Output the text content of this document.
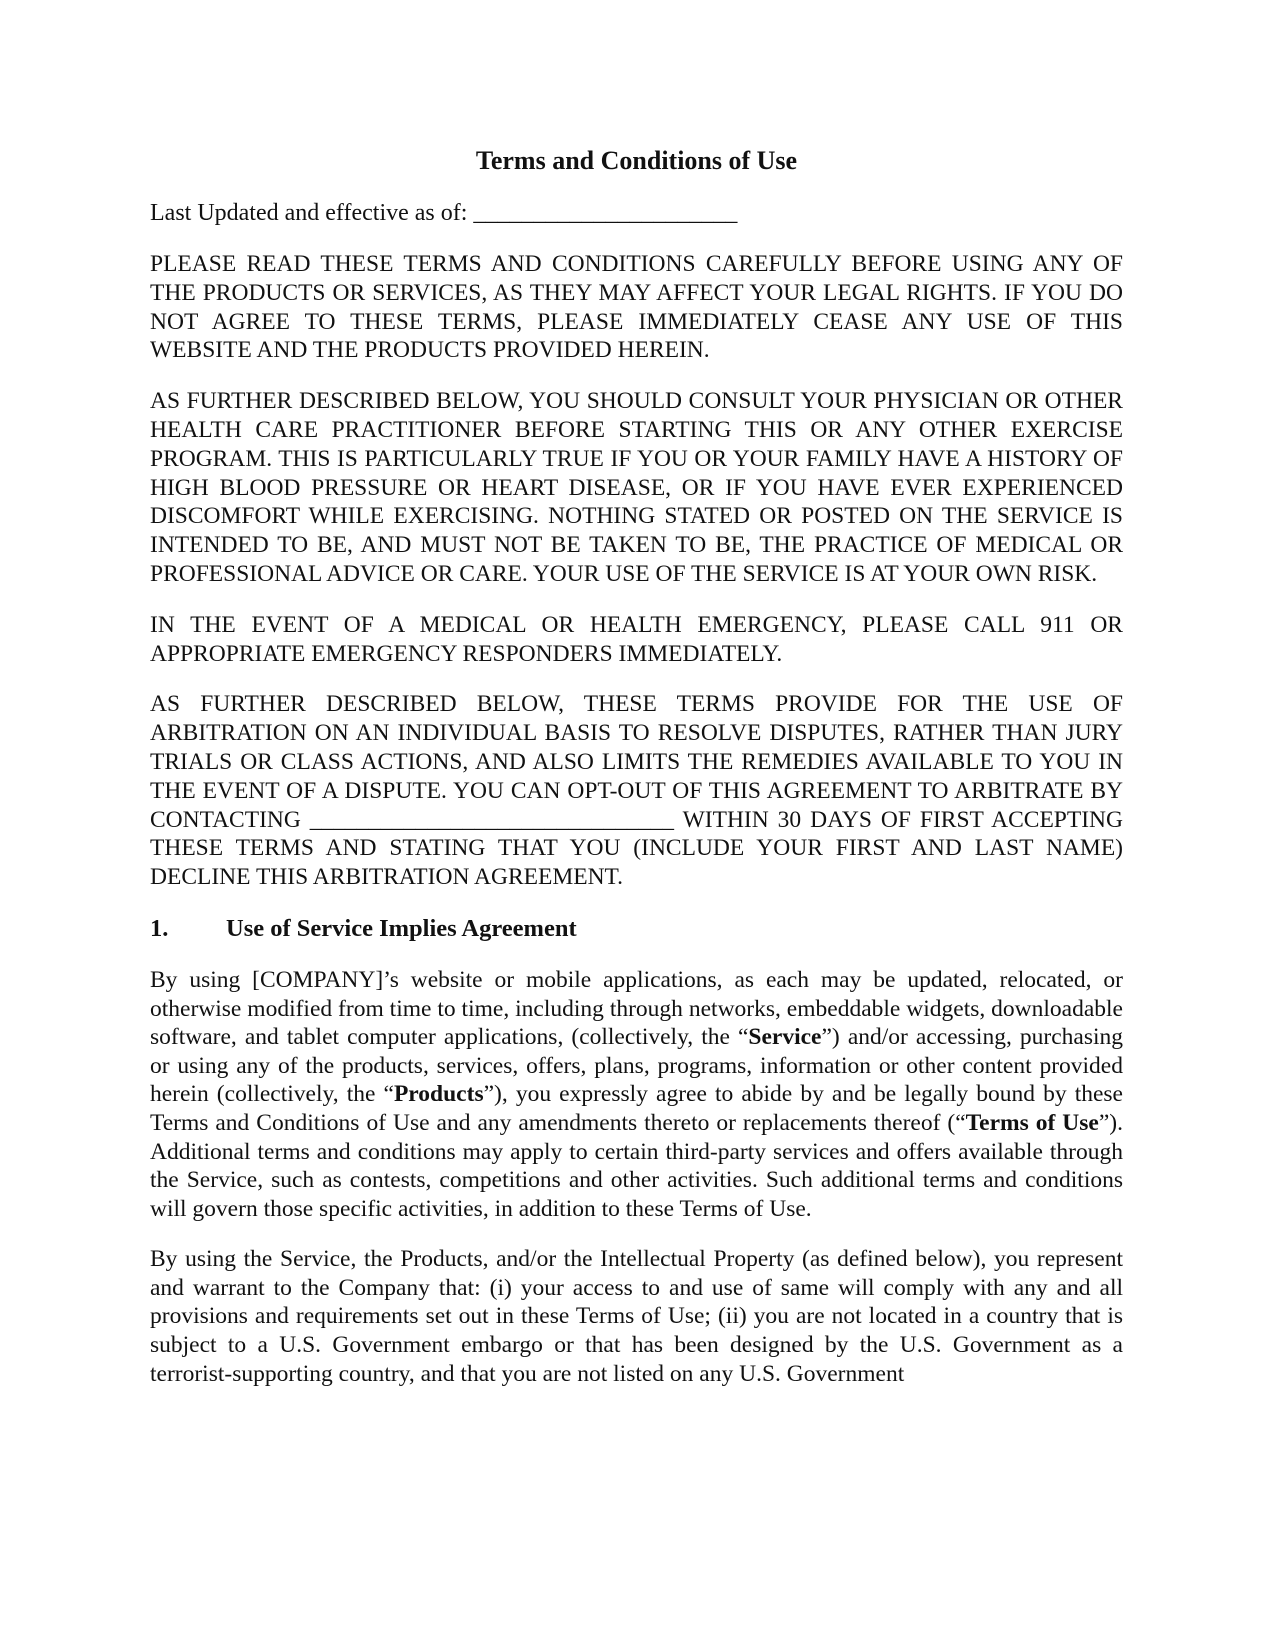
Terms and Conditions of Use

Last Updated and effective as of: ______________________

PLEASE READ THESE TERMS AND CONDITIONS CAREFULLY BEFORE USING ANY OF THE PRODUCTS OR SERVICES, AS THEY MAY AFFECT YOUR LEGAL RIGHTS. IF YOU DO NOT AGREE TO THESE TERMS, PLEASE IMMEDIATELY CEASE ANY USE OF THIS WEBSITE AND THE PRODUCTS PROVIDED HEREIN.

AS FURTHER DESCRIBED BELOW, YOU SHOULD CONSULT YOUR PHYSICIAN OR OTHER HEALTH CARE PRACTITIONER BEFORE STARTING THIS OR ANY OTHER EXERCISE PROGRAM. THIS IS PARTICULARLY TRUE IF YOU OR YOUR FAMILY HAVE A HISTORY OF HIGH BLOOD PRESSURE OR HEART DISEASE, OR IF YOU HAVE EVER EXPERIENCED DISCOMFORT WHILE EXERCISING. NOTHING STATED OR POSTED ON THE SERVICE IS INTENDED TO BE, AND MUST NOT BE TAKEN TO BE, THE PRACTICE OF MEDICAL OR PROFESSIONAL ADVICE OR CARE. YOUR USE OF THE SERVICE IS AT YOUR OWN RISK.

IN THE EVENT OF A MEDICAL OR HEALTH EMERGENCY, PLEASE CALL 911 OR APPROPRIATE EMERGENCY RESPONDERS IMMEDIATELY.

AS FURTHER DESCRIBED BELOW, THESE TERMS PROVIDE FOR THE USE OF ARBITRATION ON AN INDIVIDUAL BASIS TO RESOLVE DISPUTES, RATHER THAN JURY TRIALS OR CLASS ACTIONS, AND ALSO LIMITS THE REMEDIES AVAILABLE TO YOU IN THE EVENT OF A DISPUTE. YOU CAN OPT-OUT OF THIS AGREEMENT TO ARBITRATE BY CONTACTING _______________________________ WITHIN 30 DAYS OF FIRST ACCEPTING THESE TERMS AND STATING THAT YOU (INCLUDE YOUR FIRST AND LAST NAME) DECLINE THIS ARBITRATION AGREEMENT.

1.	Use of Service Implies Agreement

By using [COMPANY]’s website or mobile applications, as each may be updated, relocated, or otherwise modified from time to time, including through networks, embeddable widgets, downloadable software, and tablet computer applications, (collectively, the “Service”) and/or accessing, purchasing or using any of the products, services, offers, plans, programs, information or other content provided herein (collectively, the “Products”), you expressly agree to abide by and be legally bound by these Terms and Conditions of Use and any amendments thereto or replacements thereof (“Terms of Use”). Additional terms and conditions may apply to certain third-party services and offers available through the Service, such as contests, competitions and other activities. Such additional terms and conditions will govern those specific activities, in addition to these Terms of Use.

By using the Service, the Products, and/or the Intellectual Property (as defined below), you represent and warrant to the Company that: (i) your access to and use of same will comply with any and all provisions and requirements set out in these Terms of Use; (ii) you are not located in a country that is subject to a U.S. Government embargo or that has been designed by the U.S. Government as a terrorist-supporting country, and that you are not listed on any U.S. Government
